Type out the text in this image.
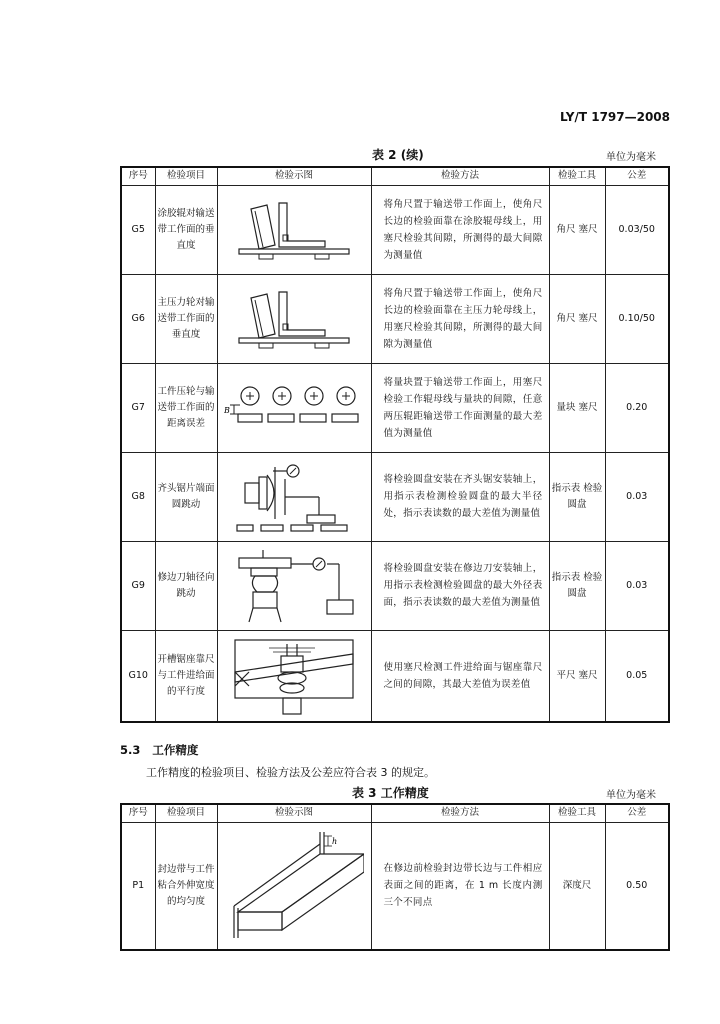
LY/T 1797—2008
表 2 (续)	单位为毫米
序号	检验项目	检验示图	检验方法	检验工具	公差
G5	涂胶辊对输送带工作面的垂直度		将角尺置于输送带工作面上，使角尺长边的检验面靠在涂胶辊母线上，用塞尺检验其间隙，所测得的最大间隙为测量值	角尺 塞尺	0.03/50
G6	主压力轮对输送带工作面的垂直度		将角尺置于输送带工作面上，使角尺长边的检验面靠在主压力轮母线上，用塞尺检验其间隙，所测得的最大间隙为测量值	角尺 塞尺	0.10/50
G7	工件压轮与输送带工作面的距离误差	B	将量块置于输送带工作面上，用塞尺检验工作辊母线与量块的间隙，任意两压辊距输送带工作面测量的最大差值为测量值	量块 塞尺	0.20
G8	齐头锯片端面圆跳动		将检验圆盘安装在齐头锯安装轴上，用指示表检测检验圆盘的最大半径处，指示表读数的最大差值为测量值	指示表 检验圆盘	0.03
G9	修边刀轴径向跳动		将检验圆盘安装在修边刀安装轴上，用指示表检测检验圆盘的最大外径表面，指示表读数的最大差值为测量值	指示表 检验圆盘	0.03
G10	开槽锯座靠尺与工件进给面的平行度		使用塞尺检测工件进给面与锯座靠尺之间的间隙，其最大差值为误差值	平尺 塞尺	0.05
5.3 工作精度
工作精度的检验项目、检验方法及公差应符合表 3 的规定。
表 3 工作精度	单位为毫米
序号	检验项目	检验示图	检验方法	检验工具	公差
P1	封边带与工件粘合外伸宽度的均匀度	h	在修边前检验封边带长边与工件相应表面之间的距离，在 1 m 长度内测三个不同点	深度尺	0.50
